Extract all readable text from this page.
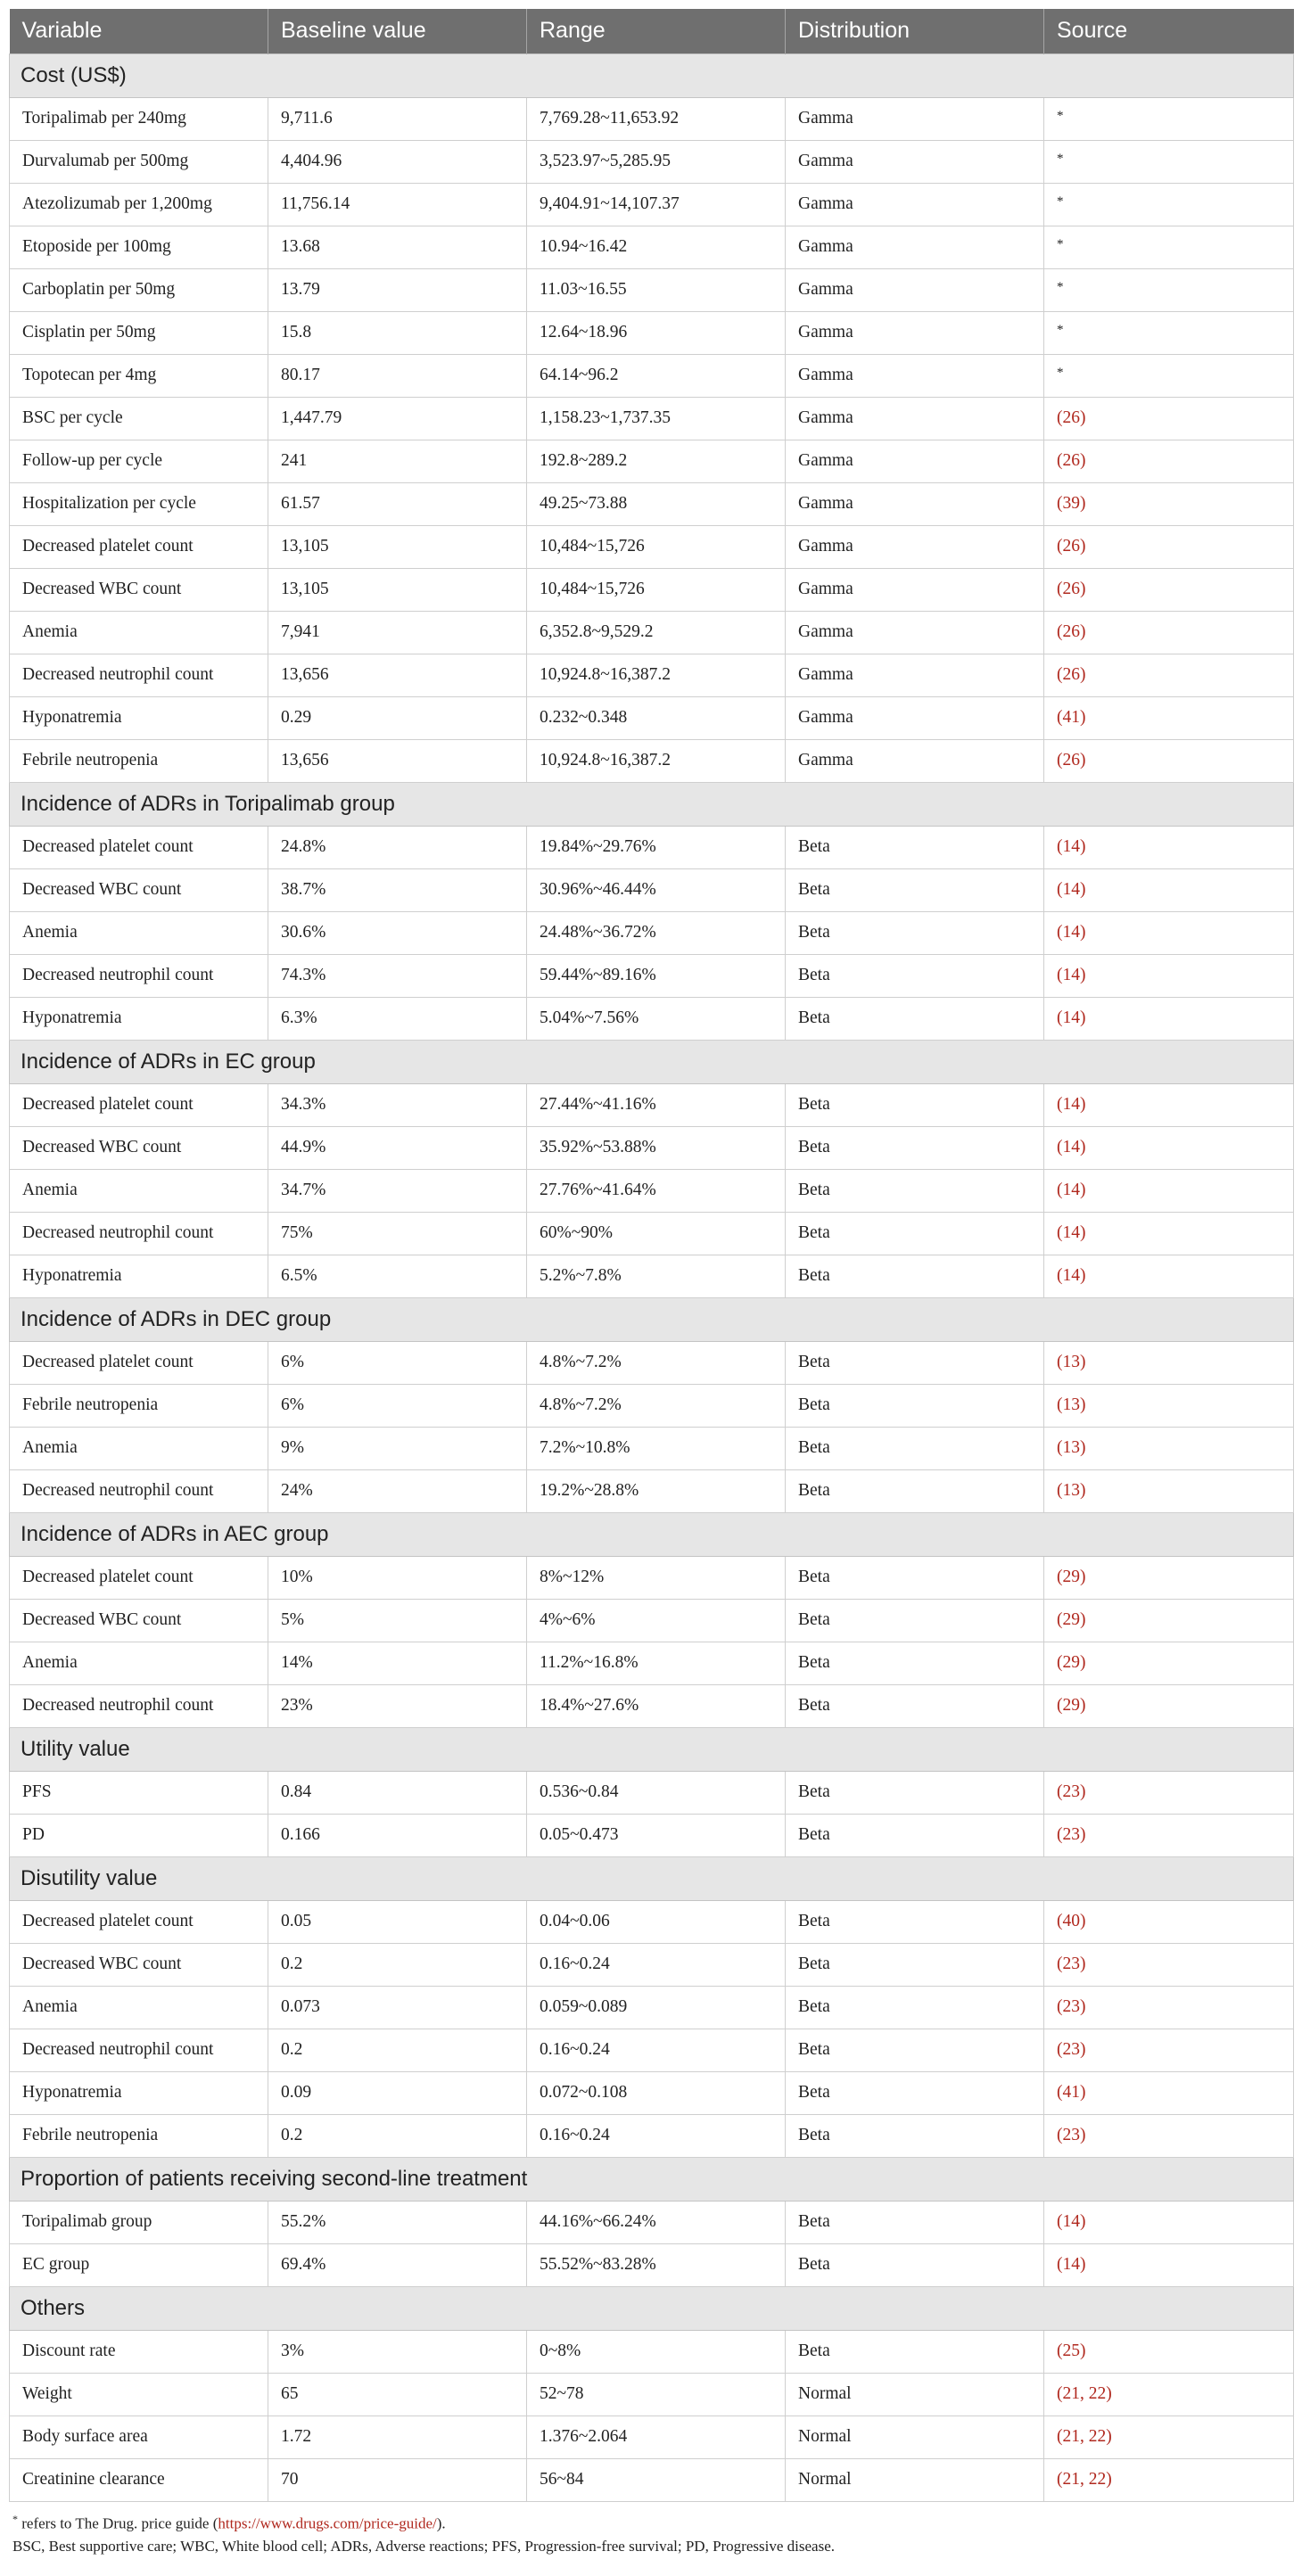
Variable	Baseline value	Range	Distribution	Source
Cost (US$)				
Toripalimab per 240mg	9,711.6	7,769.28~11,653.92	Gamma	*
Durvalumab per 500mg	4,404.96	3,523.97~5,285.95	Gamma	*
Atezolizumab per 1,200mg	11,756.14	9,404.91~14,107.37	Gamma	*
Etoposide per 100mg	13.68	10.94~16.42	Gamma	*
Carboplatin per 50mg	13.79	11.03~16.55	Gamma	*
Cisplatin per 50mg	15.8	12.64~18.96	Gamma	*
Topotecan per 4mg	80.17	64.14~96.2	Gamma	*
BSC per cycle	1,447.79	1,158.23~1,737.35	Gamma	(26)
Follow-up per cycle	241	192.8~289.2	Gamma	(26)
Hospitalization per cycle	61.57	49.25~73.88	Gamma	(39)
Decreased platelet count	13,105	10,484~15,726	Gamma	(26)
Decreased WBC count	13,105	10,484~15,726	Gamma	(26)
Anemia	7,941	6,352.8~9,529.2	Gamma	(26)
Decreased neutrophil count	13,656	10,924.8~16,387.2	Gamma	(26)
Hyponatremia	0.29	0.232~0.348	Gamma	(41)
Febrile neutropenia	13,656	10,924.8~16,387.2	Gamma	(26)
Incidence of ADRs in Toripalimab group				
Decreased platelet count	24.8%	19.84%~29.76%	Beta	(14)
Decreased WBC count	38.7%	30.96%~46.44%	Beta	(14)
Anemia	30.6%	24.48%~36.72%	Beta	(14)
Decreased neutrophil count	74.3%	59.44%~89.16%	Beta	(14)
Hyponatremia	6.3%	5.04%~7.56%	Beta	(14)
Incidence of ADRs in EC group				
Decreased platelet count	34.3%	27.44%~41.16%	Beta	(14)
Decreased WBC count	44.9%	35.92%~53.88%	Beta	(14)
Anemia	34.7%	27.76%~41.64%	Beta	(14)
Decreased neutrophil count	75%	60%~90%	Beta	(14)
Hyponatremia	6.5%	5.2%~7.8%	Beta	(14)
Incidence of ADRs in DEC group				
Decreased platelet count	6%	4.8%~7.2%	Beta	(13)
Febrile neutropenia	6%	4.8%~7.2%	Beta	(13)
Anemia	9%	7.2%~10.8%	Beta	(13)
Decreased neutrophil count	24%	19.2%~28.8%	Beta	(13)
Incidence of ADRs in AEC group				
Decreased platelet count	10%	8%~12%	Beta	(29)
Decreased WBC count	5%	4%~6%	Beta	(29)
Anemia	14%	11.2%~16.8%	Beta	(29)
Decreased neutrophil count	23%	18.4%~27.6%	Beta	(29)
Utility value				
PFS	0.84	0.536~0.84	Beta	(23)
PD	0.166	0.05~0.473	Beta	(23)
Disutility value				
Decreased platelet count	0.05	0.04~0.06	Beta	(40)
Decreased WBC count	0.2	0.16~0.24	Beta	(23)
Anemia	0.073	0.059~0.089	Beta	(23)
Decreased neutrophil count	0.2	0.16~0.24	Beta	(23)
Hyponatremia	0.09	0.072~0.108	Beta	(41)
Febrile neutropenia	0.2	0.16~0.24	Beta	(23)
Proportion of patients receiving second-line treatment				
Toripalimab group	55.2%	44.16%~66.24%	Beta	(14)
EC group	69.4%	55.52%~83.28%	Beta	(14)
Others				
Discount rate	3%	0~8%	Beta	(25)
Weight	65	52~78	Normal	(21, 22)
Body surface area	1.72	1.376~2.064	Normal	(21, 22)
Creatinine clearance	70	56~84	Normal	(21, 22)
* refers to The Drug. price guide (https://www.drugs.com/price-guide/).
BSC, Best supportive care; WBC, White blood cell; ADRs, Adverse reactions; PFS, Progression-free survival; PD, Progressive disease.
